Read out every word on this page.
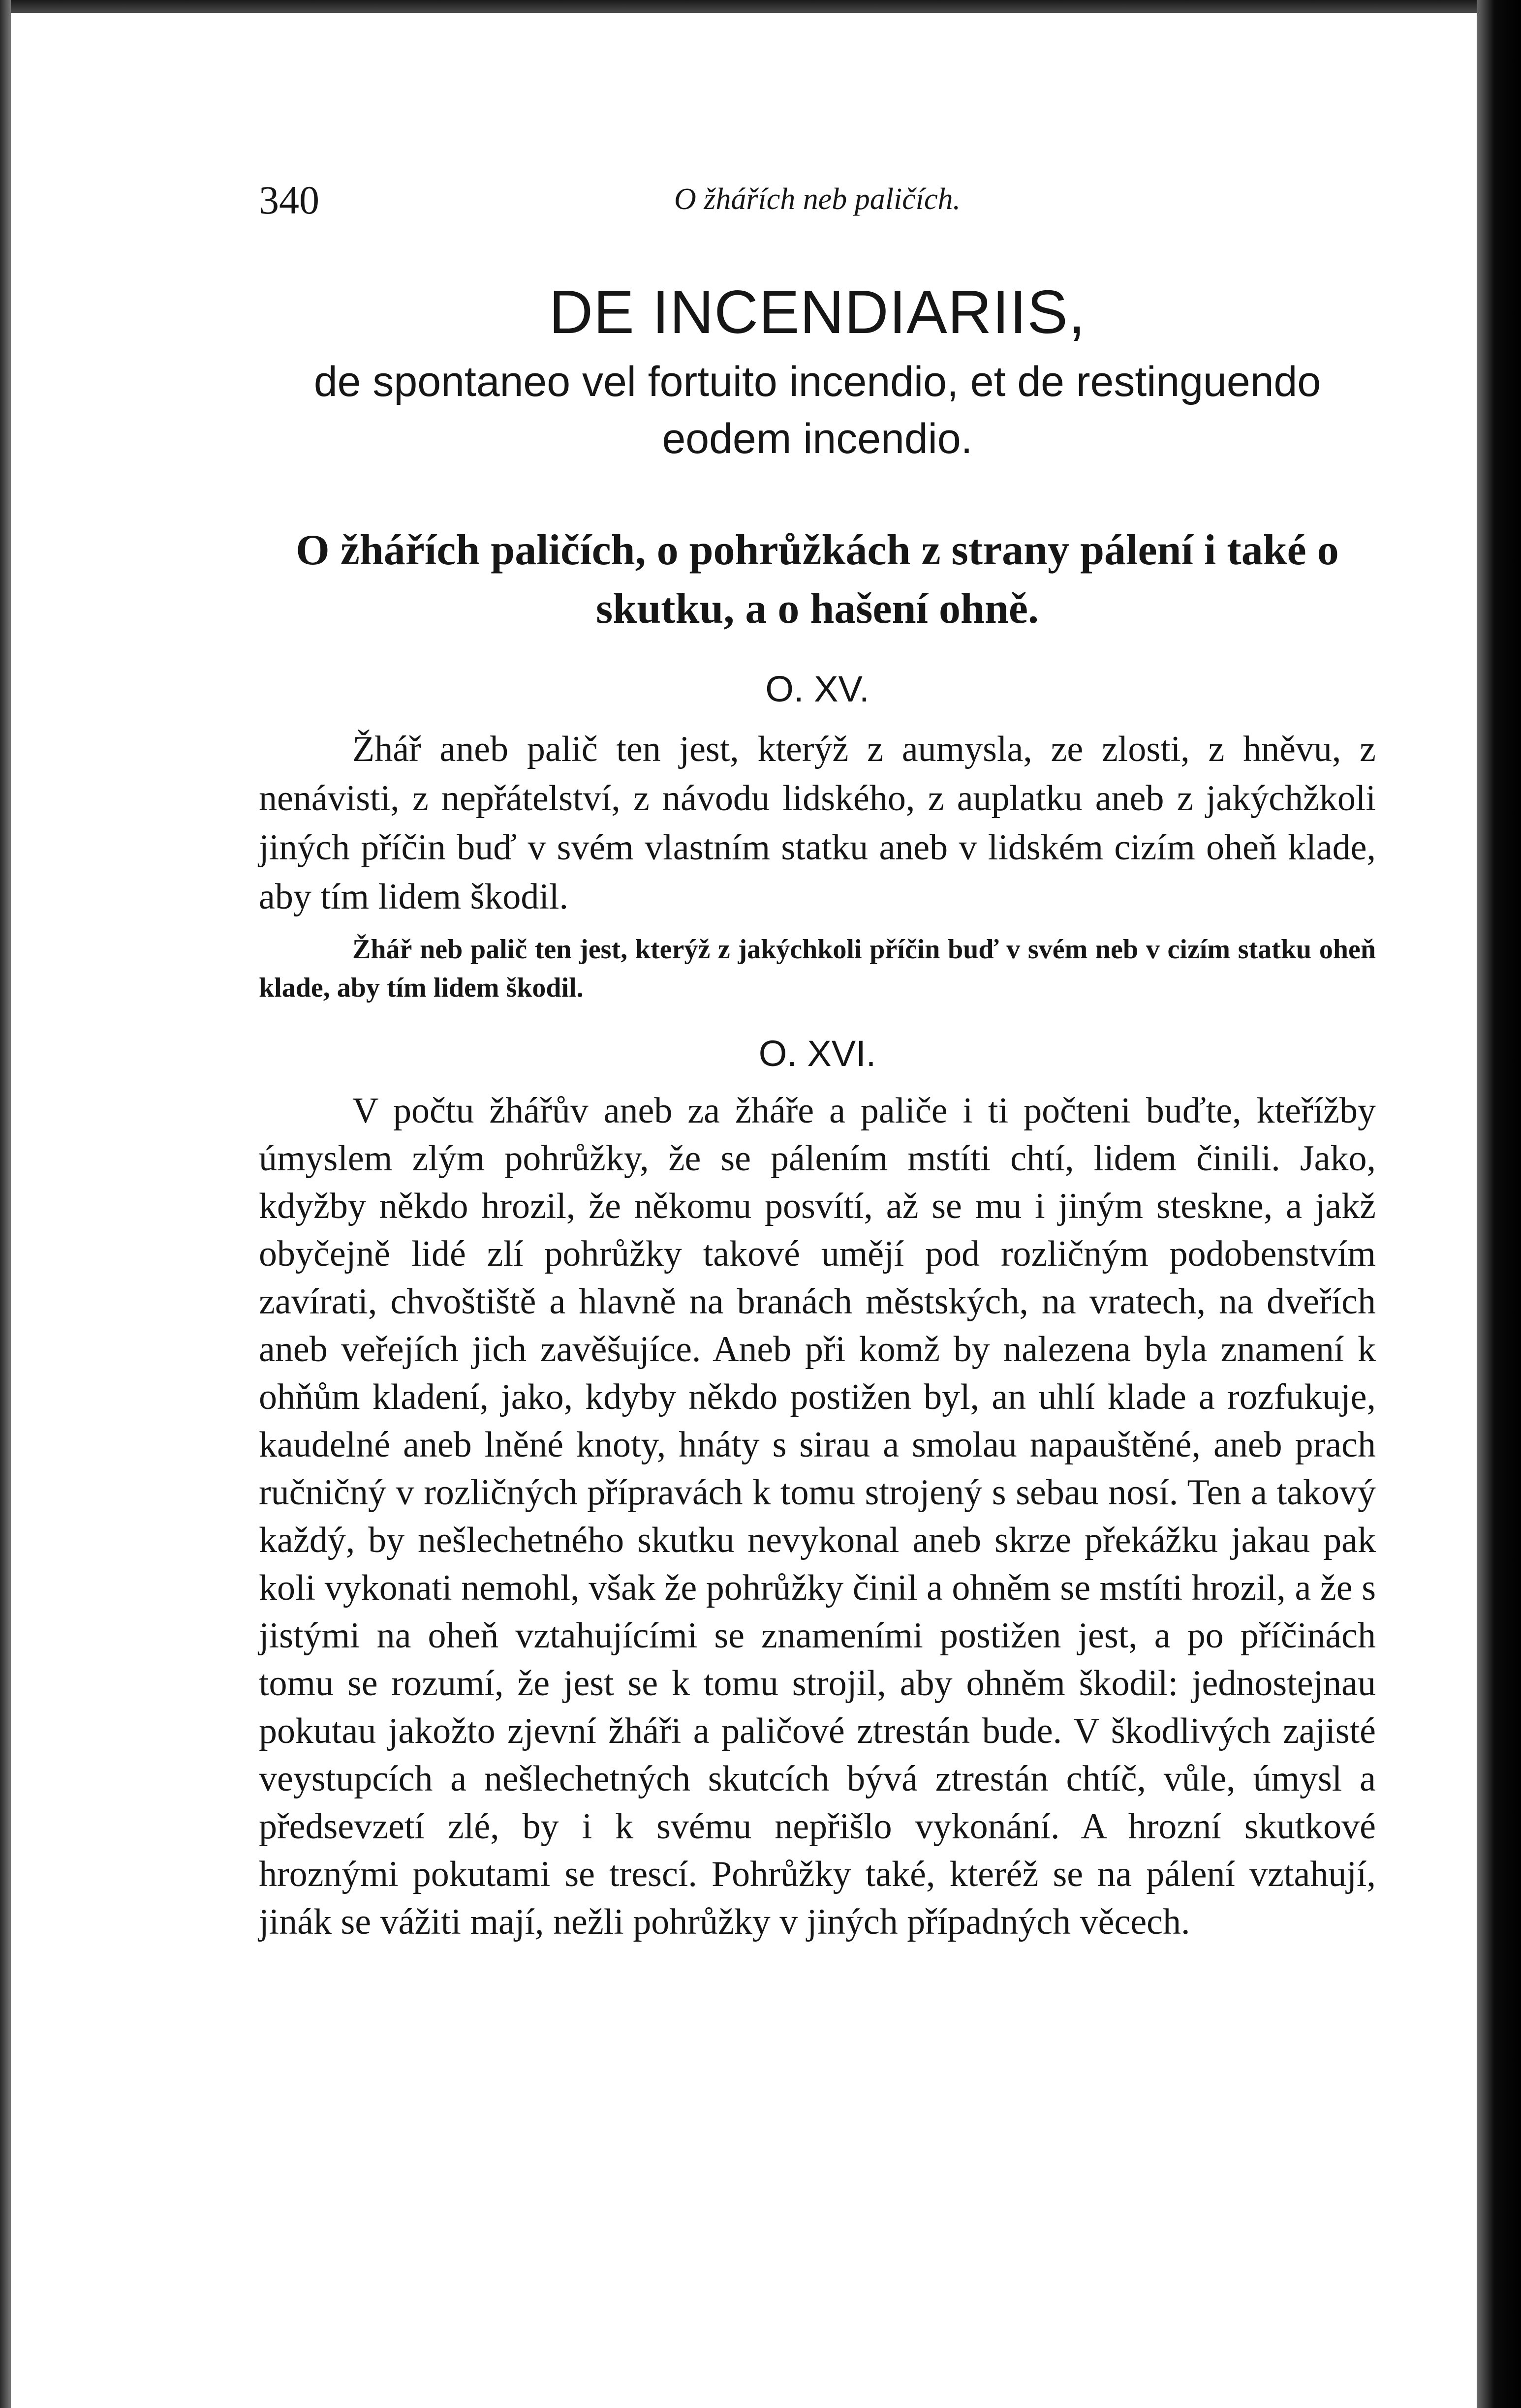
340	O žhářích neb paličích.
DE INCENDIARIIS,
de spontaneo vel fortuito incendio, et de restinguendo eodem incendio.
O žhářích paličích, o pohrůžkách z strany pálení i také o skutku, a o hašení ohně.
O. XV.

Žhář aneb palič ten jest, kterýž z aumysla, ze zlosti, z hněvu, z nenávisti, z nepřátelství, z návodu lidského, z auplatku aneb z jakýchžkoli jiných příčin buď v svém vlastním statku aneb v lidském cizím oheň klade, aby tím lidem škodil.

Žhář neb palič ten jest, kterýž z jakýchkoli příčin buď v svém neb v cizím statku oheň klade, aby tím lidem škodil.

O. XVI.

V počtu žhářův aneb za žháře a paliče i ti počteni buďte, kteřížby úmyslem zlým pohrůžky, že se pálením mstíti chtí, lidem činili. Jako, kdyžby někdo hrozil, že někomu posvítí, až se mu i jiným steskne, a jakž obyčejně lidé zlí pohrůžky takové umějí pod rozličným podobenstvím zavírati, chvoštiště a hlavně na branách městských, na vratech, na dveřích aneb veřejích jich zavěšujíce. Aneb při komž by nalezena byla znamení k ohňům kladení, jako, kdyby někdo postižen byl, an uhlí klade a rozfukuje, kaudelné aneb lněné knoty, hnáty s sirau a smolau napauštěné, aneb prach ručničný v rozličných přípravách k tomu strojený s sebau nosí. Ten a takový každý, by nešlechetného skutku nevykonal aneb skrze překážku jakau pak koli vykonati nemohl, však že pohrůžky činil a ohněm se mstíti hrozil, a že s jistými na oheň vztahujícími se znameními postižen jest, a po příčinách tomu se rozumí, že jest se k tomu strojil, aby ohněm škodil: jednostejnau pokutau jakožto zjevní žháři a paličové ztrestán bude. V škodlivých zajisté veystupcích a nešlechetných skutcích bývá ztrestán chtíč, vůle, úmysl a předsevzetí zlé, by i k svému nepřišlo vykonání. A hrozní skutkové hroznými pokutami se trescí. Pohrůžky také, kteréž se na pálení vztahují, jinák se vážiti mají, nežli pohrůžky v jiných případných věcech.
